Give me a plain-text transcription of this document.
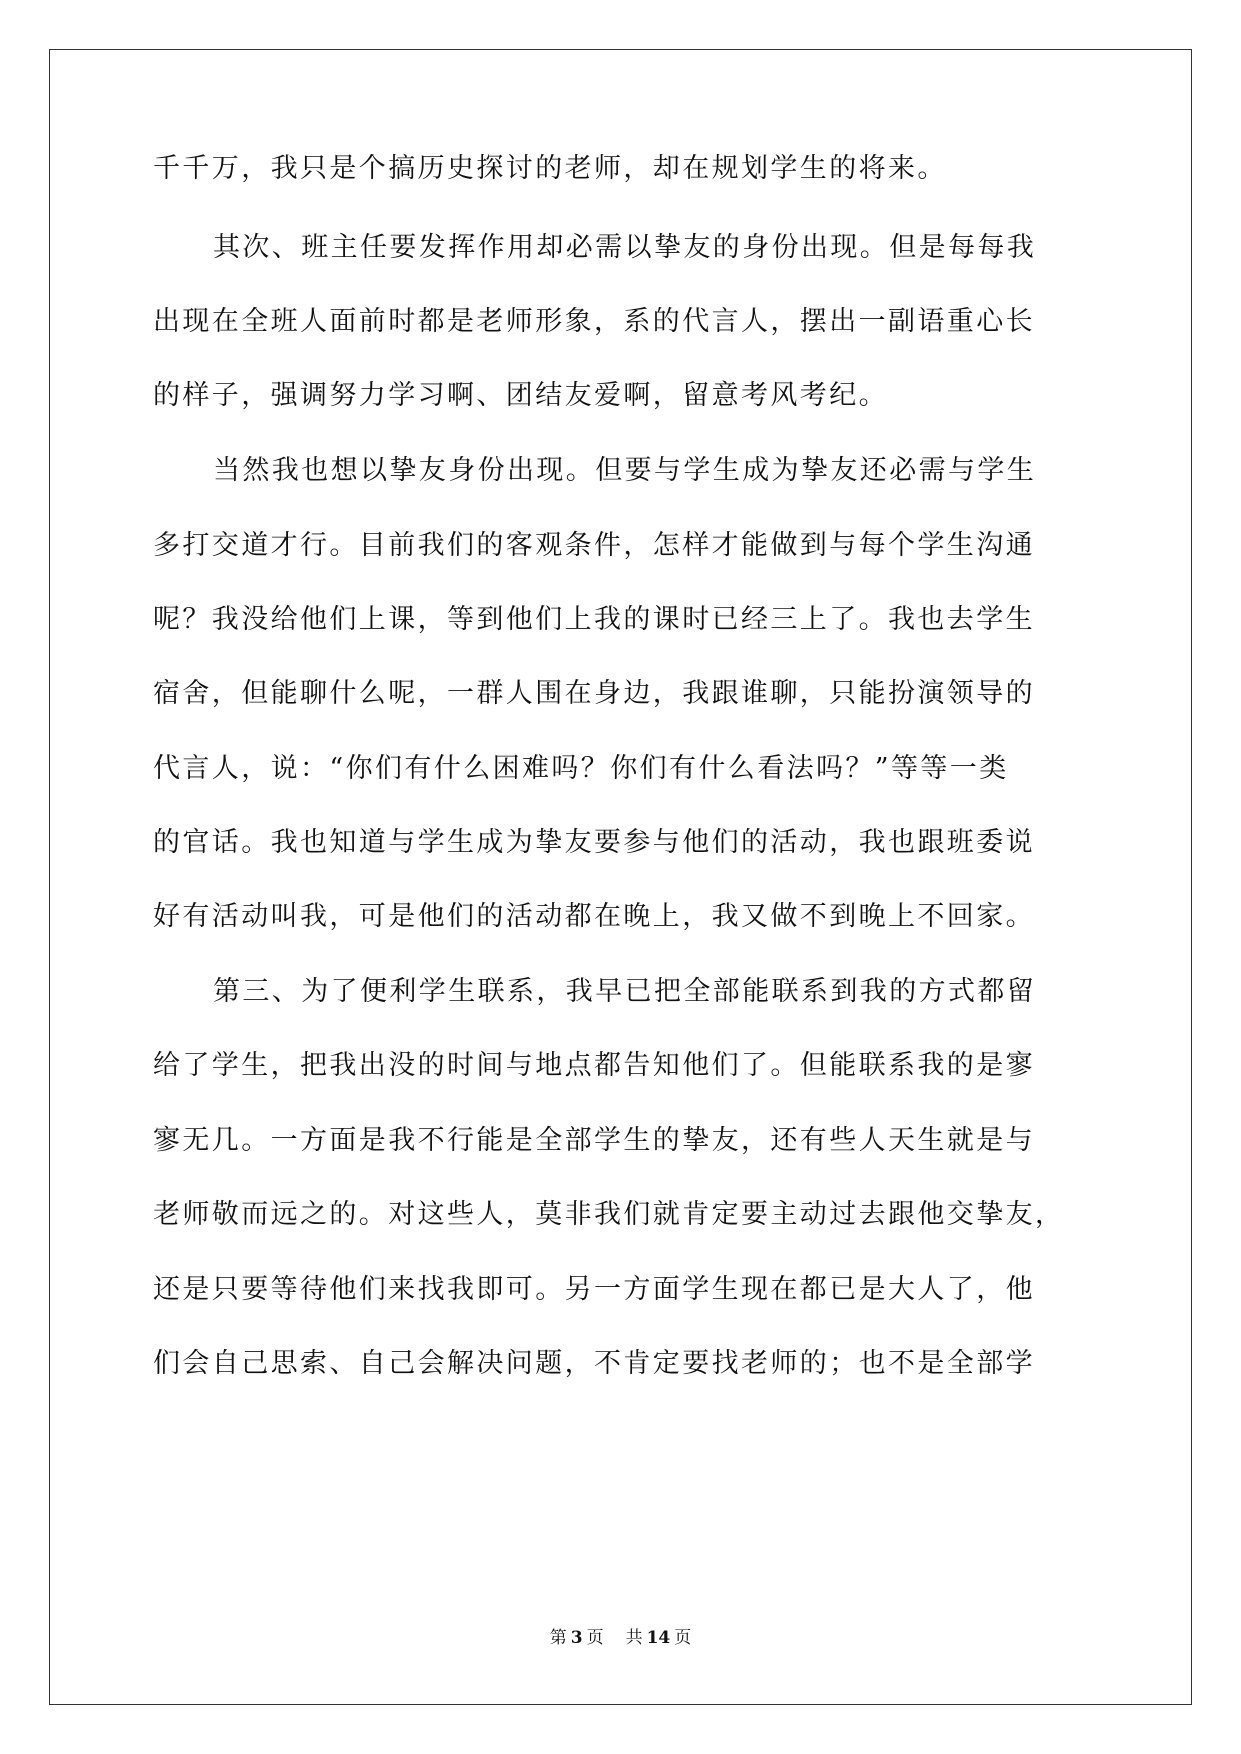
千千万，我只是个搞历史探讨的老师，却在规划学生的将来。
其次、班主任要发挥作用却必需以挚友的身份出现。但是每每我
出现在全班人面前时都是老师形象，系的代言人，摆出一副语重心长
的样子，强调努力学习啊、团结友爱啊，留意考风考纪。
当然我也想以挚友身份出现。但要与学生成为挚友还必需与学生
多打交道才行。目前我们的客观条件，怎样才能做到与每个学生沟通
呢？我没给他们上课，等到他们上我的课时已经三上了。我也去学生
宿舍，但能聊什么呢，一群人围在身边，我跟谁聊，只能扮演领导的
代言人，说：“你们有什么困难吗？你们有什么看法吗？”等等一类
的官话。我也知道与学生成为挚友要参与他们的活动，我也跟班委说
好有活动叫我，可是他们的活动都在晚上，我又做不到晚上不回家。
第三、为了便利学生联系，我早已把全部能联系到我的方式都留
给了学生，把我出没的时间与地点都告知他们了。但能联系我的是寥
寥无几。一方面是我不行能是全部学生的挚友，还有些人天生就是与
老师敬而远之的。对这些人，莫非我们就肯定要主动过去跟他交挚友，
还是只要等待他们来找我即可。另一方面学生现在都已是大人了，他
们会自己思索、自己会解决问题，不肯定要找老师的；也不是全部学
第 3 页 共 14 页
